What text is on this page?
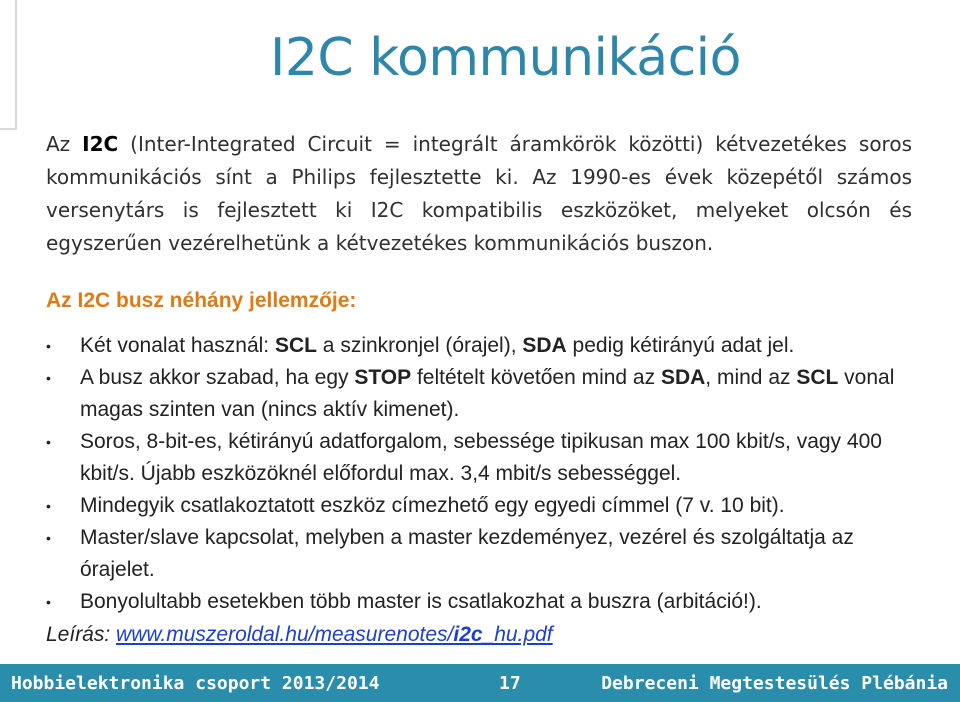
I2C kommunikáció

Az I2C (Inter-Integrated Circuit = integrált áramkörök közötti) kétvezetékes soros kommunikációs sínt a Philips fejlesztette ki. Az 1990-es évek közepétől számos versenytárs is fejlesztett ki I2C kompatibilis eszközöket, melyeket olcsón és egyszerűen vezérelhetünk a kétvezetékes kommunikációs buszon.

Az I2C busz néhány jellemzője:
• Két vonalat használ: SCL a szinkronjel (órajel), SDA pedig kétirányú adat jel.
• A busz akkor szabad, ha egy STOP feltételt követően mind az SDA, mind az SCL vonal magas szinten van (nincs aktív kimenet).
• Soros, 8-bit-es, kétirányú adatforgalom, sebessége tipikusan max 100 kbit/s, vagy 400 kbit/s. Újabb eszközöknél előfordul max. 3,4 mbit/s sebességgel.
• Mindegyik csatlakoztatott eszköz címezhető egy egyedi címmel (7 v. 10 bit).
• Master/slave kapcsolat, melyben a master kezdeményez, vezérel és szolgáltatja az órajelet.
• Bonyolultabb esetekben több master is csatlakozhat a buszra (arbitáció!).
Leírás: www.muszeroldal.hu/measurenotes/i2c_hu.pdf
Hobbielektronika csoport 2013/2014	17	Debreceni Megtestesülés Plébánia
